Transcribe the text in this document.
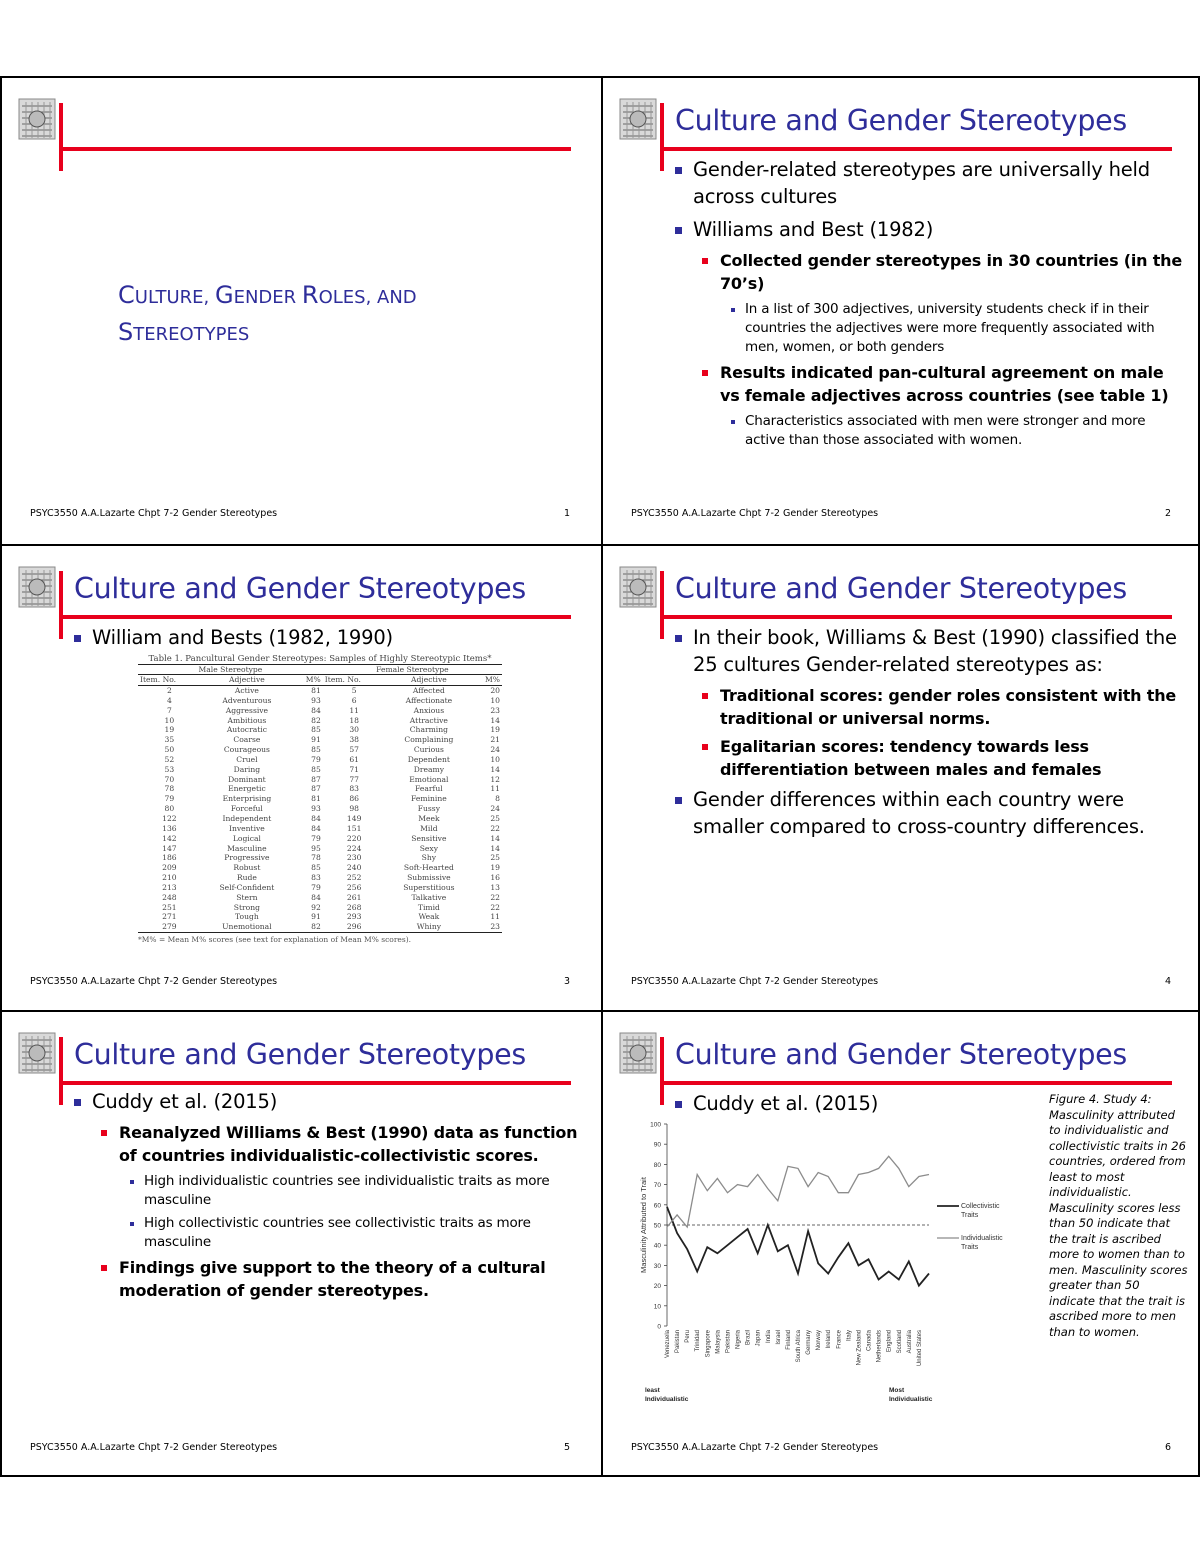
CULTURE, GENDER ROLES, AND
STEREOTYPES
PSYC3550 A.A.Lazarte Chpt 7-2 Gender Stereotypes	1
Culture and Gender Stereotypes
Gender-related stereotypes are universally held across cultures
Williams and Best (1982)
Collected gender stereotypes in 30 countries (in the 70’s)
In a list of 300 adjectives, university students check if in their countries the adjectives were more frequently associated with men, women, or both genders
Results indicated pan-cultural agreement on male vs female adjectives across countries (see table 1)
Characteristics associated with men were stronger and more active than those associated with women.
PSYC3550 A.A.Lazarte Chpt 7-2 Gender Stereotypes	2
Culture and Gender Stereotypes
William and Bests (1982, 1990)
Table 1. Pancultural Gender Stereotypes: Samples of Highly Stereotypic Items*
Male Stereotype			Female Stereotype		
Item. No.	Adjective	M%	Item. No.	Adjective	M%
2	Active	81	5	Affected	20
4	Adventurous	93	6	Affectionate	10
7	Aggressive	84	11	Anxious	23
10	Ambitious	82	18	Attractive	14
19	Autocratic	85	30	Charming	19
35	Coarse	91	38	Complaining	21
50	Courageous	85	57	Curious	24
52	Cruel	79	61	Dependent	10
53	Daring	85	71	Dreamy	14
70	Dominant	87	77	Emotional	12
78	Energetic	87	83	Fearful	11
79	Enterprising	81	86	Feminine	8
80	Forceful	93	98	Fussy	24
122	Independent	84	149	Meek	25
136	Inventive	84	151	Mild	22
142	Logical	79	220	Sensitive	14
147	Masculine	95	224	Sexy	14
186	Progressive	78	230	Shy	25
209	Robust	85	240	Soft-Hearted	19
210	Rude	83	252	Submissive	16
213	Self-Confident	79	256	Superstitious	13
248	Stern	84	261	Talkative	22
251	Strong	92	268	Timid	22
271	Tough	91	293	Weak	11
279	Unemotional	82	296	Whiny	23
*M% = Mean M% scores (see text for explanation of Mean M% scores).
PSYC3550 A.A.Lazarte Chpt 7-2 Gender Stereotypes	3
Culture and Gender Stereotypes
In their book, Williams & Best (1990) classified the 25 cultures Gender-related stereotypes as:
Traditional scores: gender roles consistent with the traditional or universal norms.
Egalitarian scores: tendency towards less differentiation between males and females
Gender differences within each country were smaller compared to cross-country differences.
PSYC3550 A.A.Lazarte Chpt 7-2 Gender Stereotypes	4
Culture and Gender Stereotypes
Cuddy et al. (2015)
Reanalyzed Williams & Best (1990) data as function of countries individualistic-collectivistic scores.
High individualistic countries see individualistic traits as more masculine
High collectivistic countries see collectivistic traits as more masculine
Findings give support to the theory of a cultural moderation of gender stereotypes.
PSYC3550 A.A.Lazarte Chpt 7-2 Gender Stereotypes	5
Culture and Gender Stereotypes
Cuddy et al. (2015)
0
10
20
30
40
50
60
70
80
90
100
Masculinity Attributed to Trait	Collectivistic
Traits
Individualistic
Traits
Venezuela Pakistan Peru Trinidad Singapore Malaysia Pakistan Nigeria Brazil Japan India Israel Finland South Africa Germany Norway Ireland France Italy New Zealand Canada Netherlands England Scotland Australia United States
least
Individualistic
Most
Individualistic
Figure 4. Study 4: Masculinity attributed to individualistic and collectivistic traits in 26 countries, ordered from least to most individualistic. Masculinity scores less than 50 indicate that the trait is ascribed more to women than to men. Masculinity scores greater than 50 indicate that the trait is ascribed more to men than to women.
PSYC3550 A.A.Lazarte Chpt 7-2 Gender Stereotypes	6
